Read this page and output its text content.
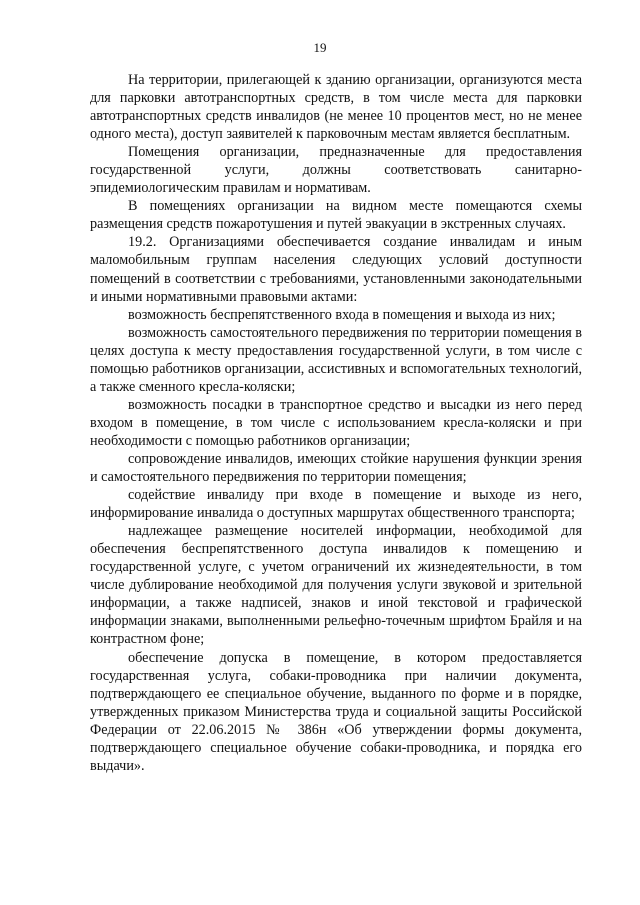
19

На территории, прилегающей к зданию организации, организуются места для парковки автотранспортных средств, в том числе места для парковки автотранспортных средств инвалидов (не менее 10 процентов мест, но не менее одного места), доступ заявителей к парковочным местам является бесплатным.

Помещения организации, предназначенные для предоставления государственной услуги, должны соответствовать санитарно-эпидемиологическим правилам и нормативам.

В помещениях организации на видном месте помещаются схемы размещения средств пожаротушения и путей эвакуации в экстренных случаях.

19.2. Организациями обеспечивается создание инвалидам и иным маломобильным группам населения следующих условий доступности помещений в соответствии с требованиями, установленными законодательными и иными нормативными правовыми актами:

возможность беспрепятственного входа в помещения и выхода из них;

возможность самостоятельного передвижения по территории помещения в целях доступа к месту предоставления государственной услуги, в том числе с помощью работников организации, ассистивных и вспомогательных технологий, а также сменного кресла-коляски;

возможность посадки в транспортное средство и высадки из него перед входом в помещение, в том числе с использованием кресла-коляски и при необходимости с помощью работников организации;

сопровождение инвалидов, имеющих стойкие нарушения функции зрения и самостоятельного передвижения по территории помещения;

содействие инвалиду при входе в помещение и выходе из него, информирование инвалида о доступных маршрутах общественного транспорта;

надлежащее размещение носителей информации, необходимой для обеспечения беспрепятственного доступа инвалидов к помещению и государственной услуге, с учетом ограничений их жизнедеятельности, в том числе дублирование необходимой для получения услуги звуковой и зрительной информации, а также надписей, знаков и иной текстовой и графической информации знаками, выполненными рельефно-точечным шрифтом Брайля и на контрастном фоне;

обеспечение допуска в помещение, в котором предоставляется государственная услуга, собаки-проводника при наличии документа, подтверждающего ее специальное обучение, выданного по форме и в порядке, утвержденных приказом Министерства труда и социальной защиты Российской Федерации от 22.06.2015 № 386н «Об утверждении формы документа, подтверждающего специальное обучение собаки-проводника, и порядка его выдачи».
